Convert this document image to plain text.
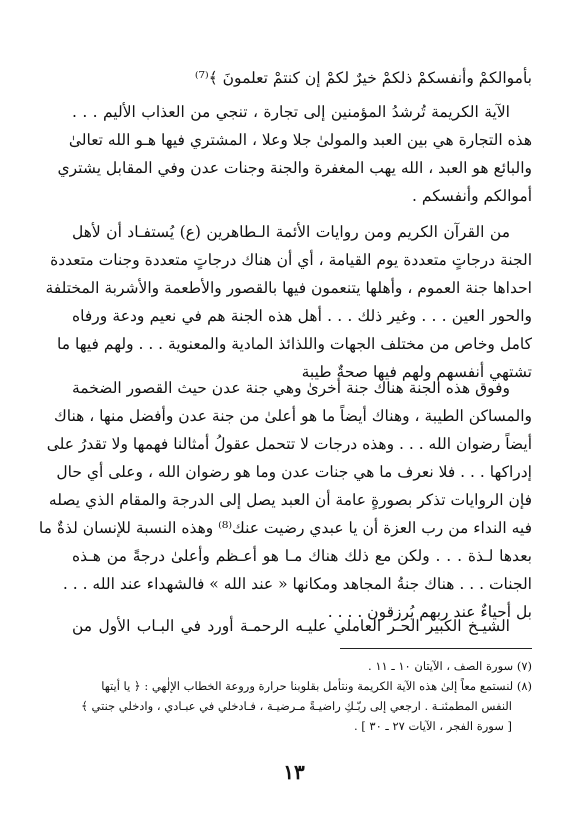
بأموالكمْ وأنفسكمْ ذلكمْ خيرٌ لكمْ إن كنتمْ تعلمونَ ﴾⁽⁷⁾
الآية الكريمة تُرشدُ المؤمنين إلى تجارة ، تنجي من العذاب الأليم . . .
هذه التجارة هي بين العبد والمولىٰ جلا وعلا ، المشتري فيها هـو الله تعالىٰ
والبائع هو العبد ، الله يهب المغفرة والجنة وجنات عدن وفي المقابل يشتري
أموالكم وأنفسكم .
من القرآن الكريم ومن روايات الأئمة الـطاهرين (ع) يُستفـاد أن لأهل
الجنة درجاتٍ متعددة يوم القيامة ، أي أن هناك درجاتٍ متعددة وجنات متعددة
احداها جنة العموم ، وأهلها يتنعمون فيها بالقصور والأطعمة والأشربة المختلفة
والحور العين . . . وغير ذلك . . . أهل هذه الجنة هم في نعيم ودعة ورفاه
كامل وخاص من مختلف الجهات واللذائذ المادية والمعنوية . . . ولهم فيها ما
تشتهي أنفسهم ولهم فيها صحةٌ طيبة
وفوق هذه الجنة هناك جنة أخرىٰ وهي جنة عدن حيث القصور الضخمة
والمساكن الطيبة ، وهناك أيضاً ما هو أعلىٰ من جنة عدن وأفضل منها ، هناك
أيضاً رضوان الله . . . وهذه درجات لا تتحمل عقولُ أمثالنا فهمها ولا تقدرُ على
إدراكها . . . فلا نعرف ما هي جنات عدن وما هو رضوان الله ، وعلى أي حال
فإن الروايات تذكر بصورةٍ عامة أن العبد يصل إلى الدرجة والمقام الذي يصله
فيه النداء من رب العزة أن يا عبدي رضيت عنك⁽⁸⁾ وهذه النسبة للإنسان لذةٌ ما
بعدها لـذة . . . ولكن مع ذلك هناك مـا هو أعـظم وأعلىٰ درجةً من هـذه
الجنات . . . هناك جنةُ المجاهد ومكانها « عند الله » فالشهداء عند الله . . .
بل أحياءٌ عند ربهم يُرزقون . . . .
الشيـخ الكبير الحـر العاملي عليـه الرحمـة أورد في البـاب الأول من
(٧) سورة الصف ، الآيتان ١٠ ـ ١١ .
(٨) لنستمع معاً إلىٰ هذه الآية الكريمة ونتأمل بقلوبنا حرارة وروعة الخطاب الإلٰهي : ﴿ يا أيتها
النفس المطمئنـة . ارجعي إلى ربّـكِ راضيـةً مـرضيـة ، فـادخلي في عبـادي ، وادخلي جنتي ﴾
[ سورة الفجر ، الآيات ٢٧ ـ ٣٠ ] .
١٣
